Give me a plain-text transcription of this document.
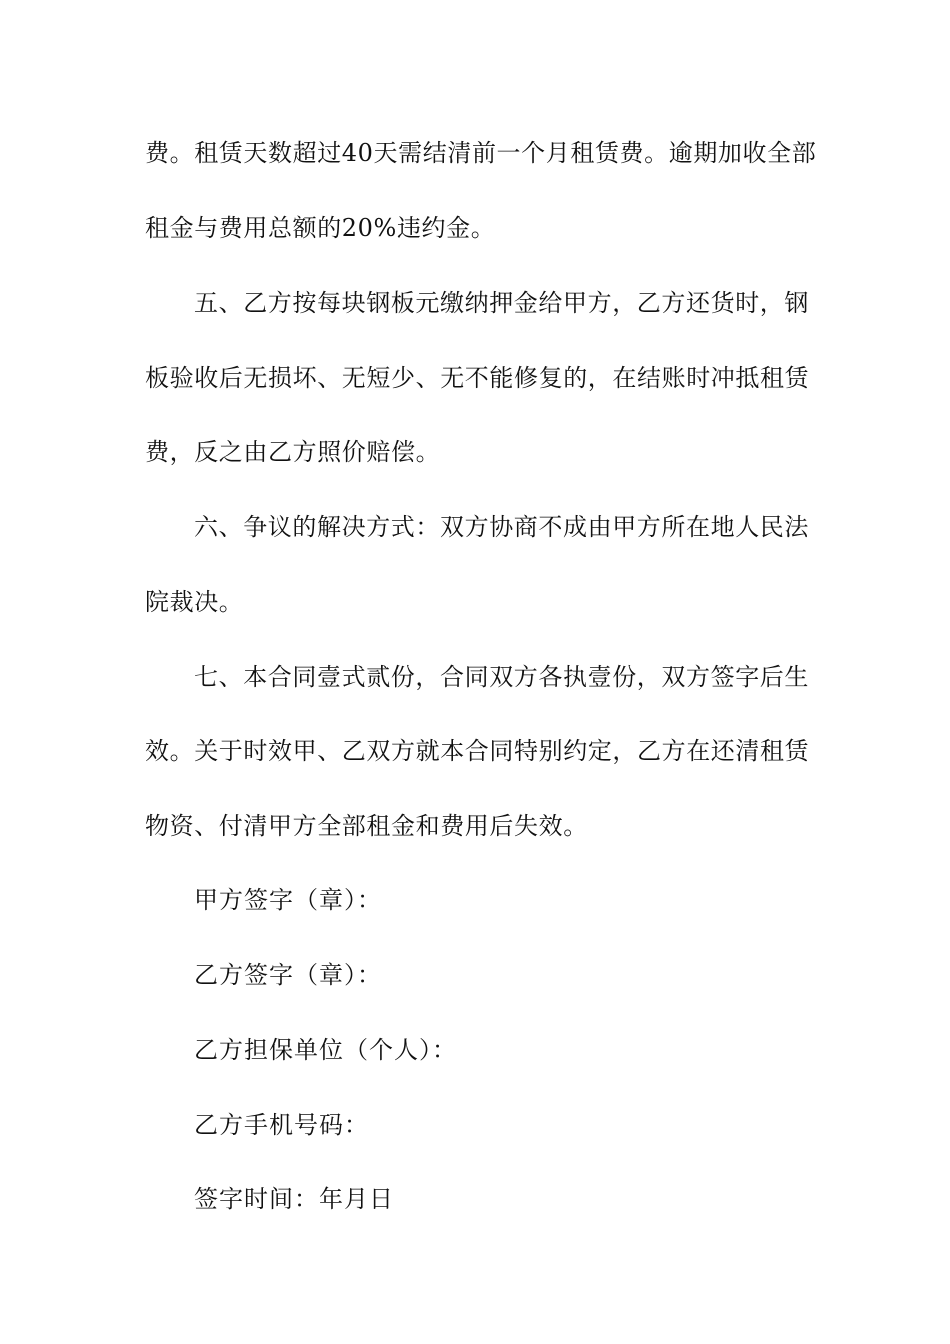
费。租赁天数超过40天需结清前一个月租赁费。逾期加收全部
租金与费用总额的20%违约金。
五、乙方按每块钢板元缴纳押金给甲方，乙方还货时，钢
板验收后无损坏、无短少、无不能修复的，在结账时冲抵租赁
费，反之由乙方照价赔偿。
六、争议的解决方式：双方协商不成由甲方所在地人民法
院裁决。
七、本合同壹式贰份，合同双方各执壹份，双方签字后生
效。关于时效甲、乙双方就本合同特别约定，乙方在还清租赁
物资、付清甲方全部租金和费用后失效。
甲方签字（章）：
乙方签字（章）：
乙方担保单位（个人）：
乙方手机号码：
签字时间：年月日
